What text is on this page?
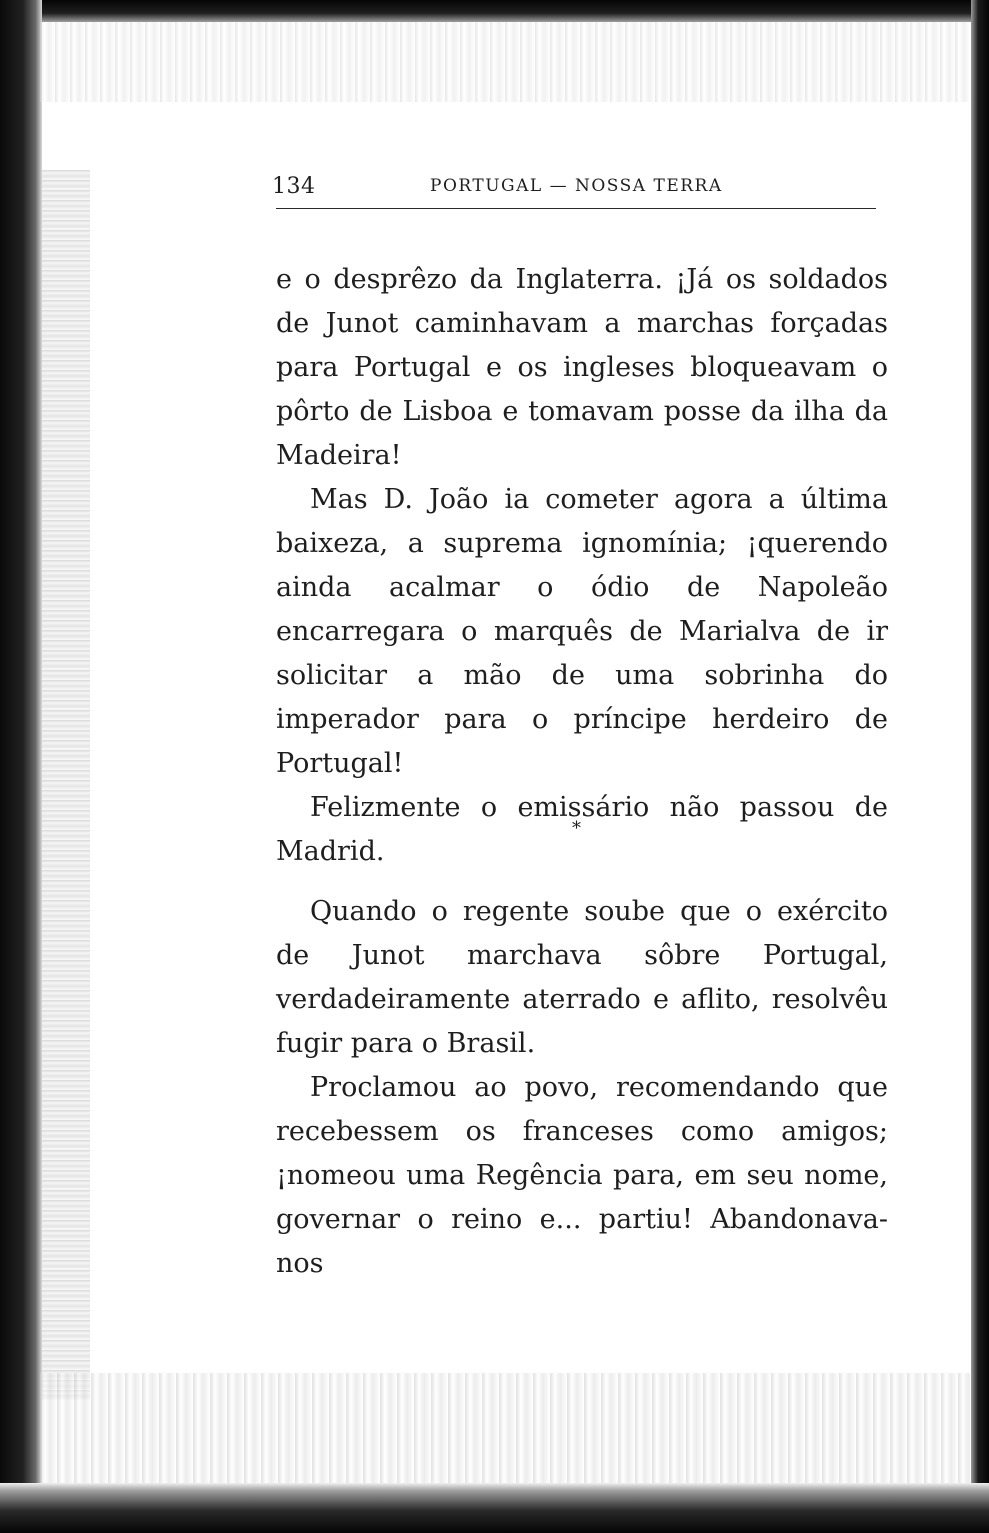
134	PORTUGAL — NOSSA TERRA

e o desprêzo da Inglaterra. ¡Já os soldados de Junot caminhavam a marchas forçadas para Portugal e os ingleses bloqueavam o pôrto de Lisboa e tomavam posse da ilha da Madeira!

Mas D. João ia cometer agora a última baixeza, a suprema ignomínia; ¡querendo ainda acalmar o ódio de Napoleão encarregara o marquês de Marialva de ir solicitar a mão de uma sobrinha do imperador para o príncipe herdeiro de Portugal!

Felizmente o emissário não passou de Madrid.

*

Quando o regente soube que o exército de Junot marchava sôbre Portugal, verdadeiramente aterrado e aflito, resolvêu fugir para o Brasil.

Proclamou ao povo, recomendando que recebessem os franceses como amigos; ¡nomeou uma Regência para, em seu nome, governar o reino e... partiu! Abandonava-nos
